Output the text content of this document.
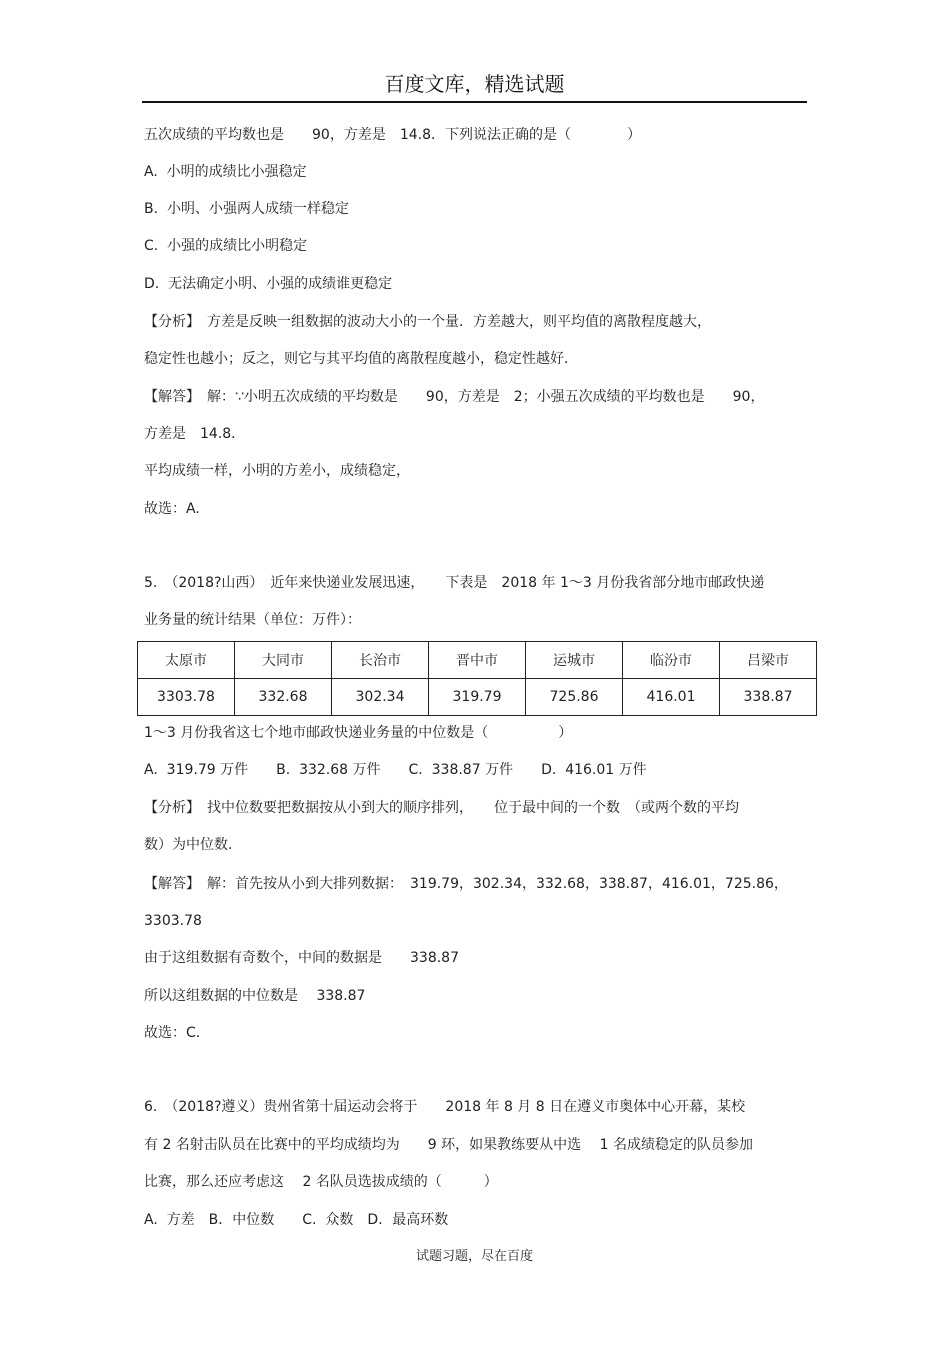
百度文库，精选试题
五次成绩的平均数也是　　90，方差是　14.8．下列说法正确的是（　　　　）
A.  小明的成绩比小强稳定
B.  小明、小强两人成绩一样稳定
C.  小强的成绩比小明稳定
D.  无法确定小明、小强的成绩谁更稳定
【分析】　方差是反映一组数据的波动大小的一个量．方差越大，则平均值的离散程度越大，
稳定性也越小；反之，则它与其平均值的离散程度越小，稳定性越好．
【解答】　解：∵小明五次成绩的平均数是　　90，方差是　2；小强五次成绩的平均数也是　　90，
方差是　14.8．
平均成绩一样，小明的方差小，成绩稳定，
故选：A.
5.　（2018?山西）　近年来快递业发展迅速，　　下表是　2018 年 1～3 月份我省部分地市邮政快递
业务量的统计结果（单位：万件）：
太原市	大同市	长治市	晋中市	运城市	临汾市	吕梁市
3303.78	332.68	302.34	319.79	725.86	416.01	338.87
1～3 月份我省这七个地市邮政快递业务量的中位数是（　　　　　）
A.  319.79 万件　　B.  332.68 万件　　C.  338.87 万件　　D.  416.01 万件
【分析】　找中位数要把数据按从小到大的顺序排列，　　位于最中间的一个数　（或两个数的平均
数）为中位数.
【解答】　解：首先按从小到大排列数据：　319.79，302.34，332.68，338.87，416.01，725.86，
3303.78
由于这组数据有奇数个，中间的数据是　　338.87
所以这组数据的中位数是　 338.87
故选：C.
6.　（2018?遵义）贵州省第十届运动会将于　　2018 年 8 月 8 日在遵义市奥体中心开幕，某校
有 2 名射击队员在比赛中的平均成绩均为　　9 环，如果教练要从中选　 1 名成绩稳定的队员参加
比赛，那么还应考虑这　 2 名队员选拔成绩的（　　　）
A.  方差　B．中位数　　C.  众数　D．最高环数
试题习题，尽在百度
